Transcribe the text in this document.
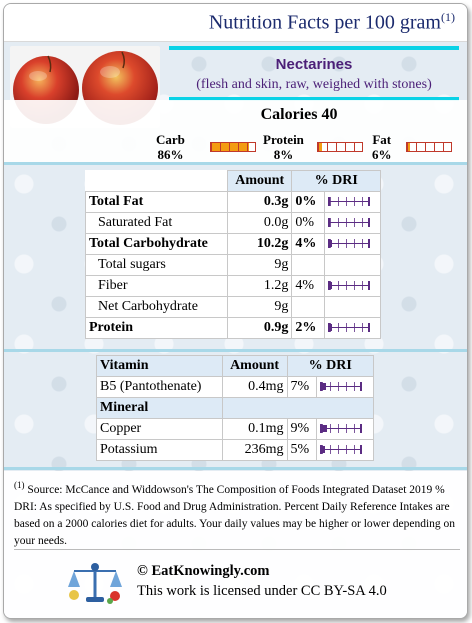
Nutrition Facts per 100 gram$^{(1)}$
Nectarines
(flesh and skin, raw, weighed with stones)
Calories 40
Carb
86%
Protein
8%
Fat
6%
	Amount	% DRI	
Total Fat	0.3g	0%	

Saturated Fat	0.0g	0%	

Total Carbohydrate	10.2g	4%	

Total sugars	9g		
Fiber	1.2g	4%	

Net Carbohydrate	9g		
Protein	0.9g	2%	
Vitamin	Amount	% DRI	
B5 (Pantothenate)	0.4mg	7%	

Mineral			
Copper	0.1mg	9%	

Potassium	236mg	5%	
$^{(1)}$ Source: McCance and Widdowson's The Composition of Foods Integrated Dataset 2019 % DRI: As specified by U.S. Food and Drug Administration. Percent Daily Reference Intakes are based on a 2000 calories diet for adults. Your daily values may be higher or lower depending on your needs.
© EatKnowingly.com
This work is licensed under CC BY-SA 4.0
